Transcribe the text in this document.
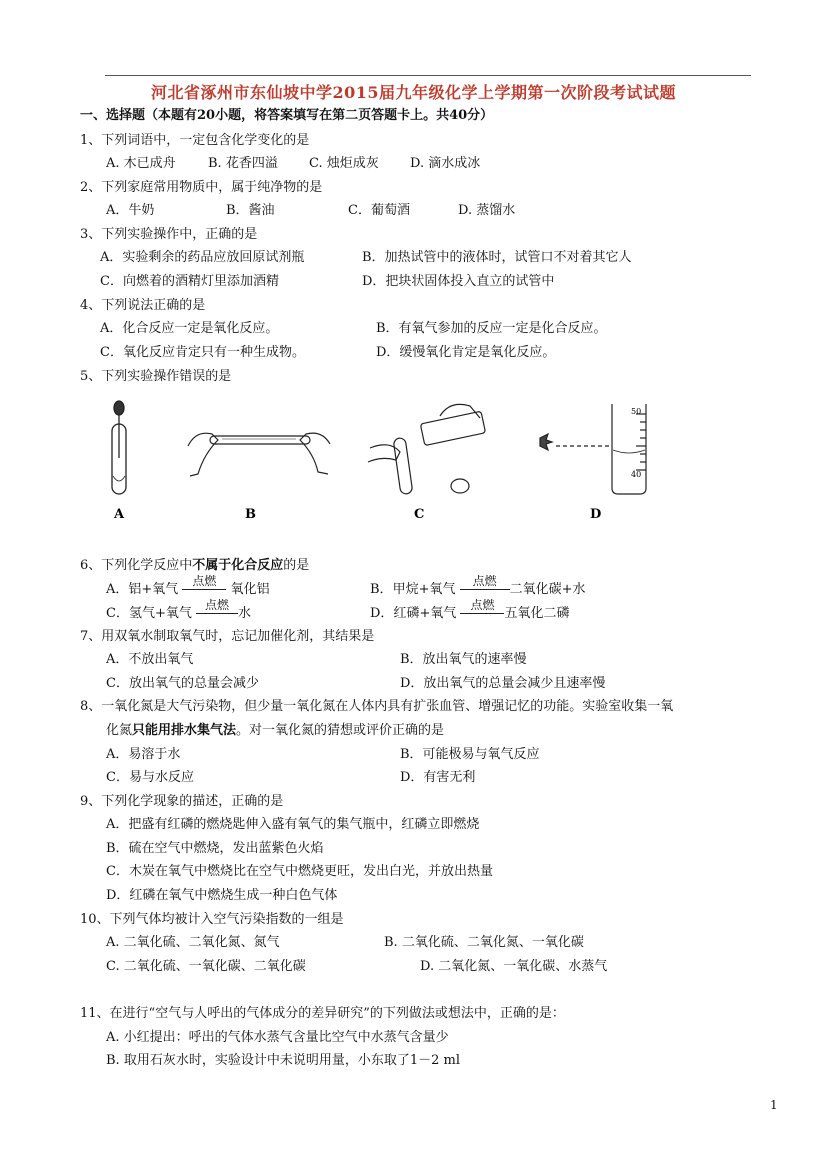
河北省涿州市东仙坡中学2015届九年级化学上学期第一次阶段考试试题
一、选择题（本题有20小题，将答案填写在第二页答题卡上。共40分）
1、下列词语中，一定包含化学变化的是
A. 木已成舟 B. 花香四溢 C. 烛炬成灰 D. 滴水成冰
2、下列家庭常用物质中，属于纯净物的是
A．牛奶	B．酱油	C．葡萄酒	D. 蒸馏水
3、下列实验操作中，正确的是
A．实验剩余的药品应放回原试剂瓶	B．加热试管中的液体时，试管口不对着其它人
C．向燃着的酒精灯里添加酒精	D．把块状固体投入直立的试管中
4、下列说法正确的是
A．化合反应一定是氧化反应。	B．有氧气参加的反应一定是化合反应。
C．氧化反应肯定只有一种生成物。	D．缓慢氧化肯定是氧化反应。
5、下列实验操作错误的是
50
40
A	B	C	D
6、下列化学反应中不属于化合反应的是
A．铝+氧气
点燃
氧化铝	B．甲烷+氧气
点燃
二氧化碳+水
C．氢气+氧气
点燃
水	D．红磷+氧气
点燃
五氧化二磷
7、用双氧水制取氧气时，忘记加催化剂，其结果是
A．不放出氧气	B．放出氧气的速率慢
C．放出氧气的总量会减少	D．放出氧气的总量会减少且速率慢
8、一氧化氮是大气污染物，但少量一氧化氮在人体内具有扩张血管、增强记忆的功能。实验室收集一氧
化氮只能用排水集气法。对一氧化氮的猜想或评价正确的是
A．易溶于水	B．可能极易与氧气反应
C．易与水反应	D．有害无利
9、下列化学现象的描述，正确的是
A．把盛有红磷的燃烧匙伸入盛有氧气的集气瓶中，红磷立即燃烧
B．硫在空气中燃烧，发出蓝紫色火焰
C．木炭在氧气中燃烧比在空气中燃烧更旺，发出白光，并放出热量
D．红磷在氧气中燃烧生成一种白色气体
10、下列气体均被计入空气污染指数的一组是
A. 二氧化硫、二氧化氮、氮气	B. 二氧化硫、二氧化氮、一氧化碳
C. 二氧化硫、一氧化碳、二氧化碳	D. 二氧化氮、一氧化碳、水蒸气
11、在进行“空气与人呼出的气体成分的差异研究”的下列做法或想法中，正确的是：
A. 小红提出：呼出的气体水蒸气含量比空气中水蒸气含量少
B. 取用石灰水时，实验设计中未说明用量，小东取了1－2 ml
1
